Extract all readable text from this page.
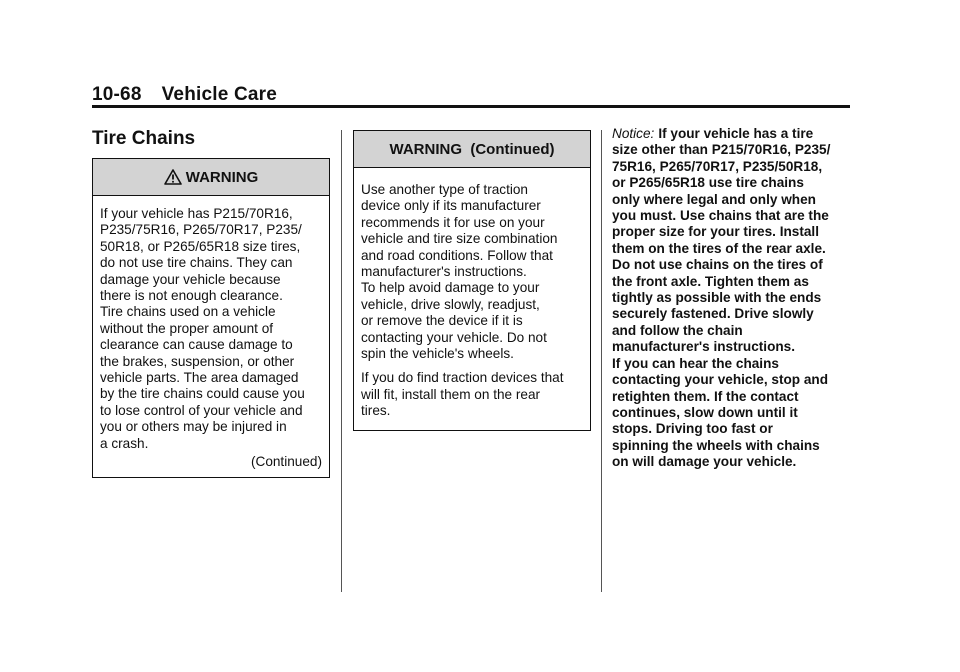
10-68 Vehicle Care
Tire Chains
WARNING

If your vehicle has P215/70R16,
P235/75R16, P265/70R17, P235/
50R18, or P265/65R18 size tires,
do not use tire chains. They can
damage your vehicle because
there is not enough clearance.
Tire chains used on a vehicle
without the proper amount of
clearance can cause damage to
the brakes, suspension, or other
vehicle parts. The area damaged
by the tire chains could cause you
to lose control of your vehicle and
you or others may be injured in
a crash.

(Continued)
WARNING  (Continued)

Use another type of traction
device only if its manufacturer
recommends it for use on your
vehicle and tire size combination
and road conditions. Follow that
manufacturer's instructions.
To help avoid damage to your
vehicle, drive slowly, readjust,
or remove the device if it is
contacting your vehicle. Do not
spin the vehicle's wheels.

If you do find traction devices that
will fit, install them on the rear
tires.

Notice: If your vehicle has a tire
size other than P215/70R16, P235/
75R16, P265/70R17, P235/50R18,
or P265/65R18 use tire chains
only where legal and only when
you must. Use chains that are the
proper size for your tires. Install
them on the tires of the rear axle.
Do not use chains on the tires of
the front axle. Tighten them as
tightly as possible with the ends
securely fastened. Drive slowly
and follow the chain
manufacturer's instructions.
If you can hear the chains
contacting your vehicle, stop and
retighten them. If the contact
continues, slow down until it
stops. Driving too fast or
spinning the wheels with chains
on will damage your vehicle.
